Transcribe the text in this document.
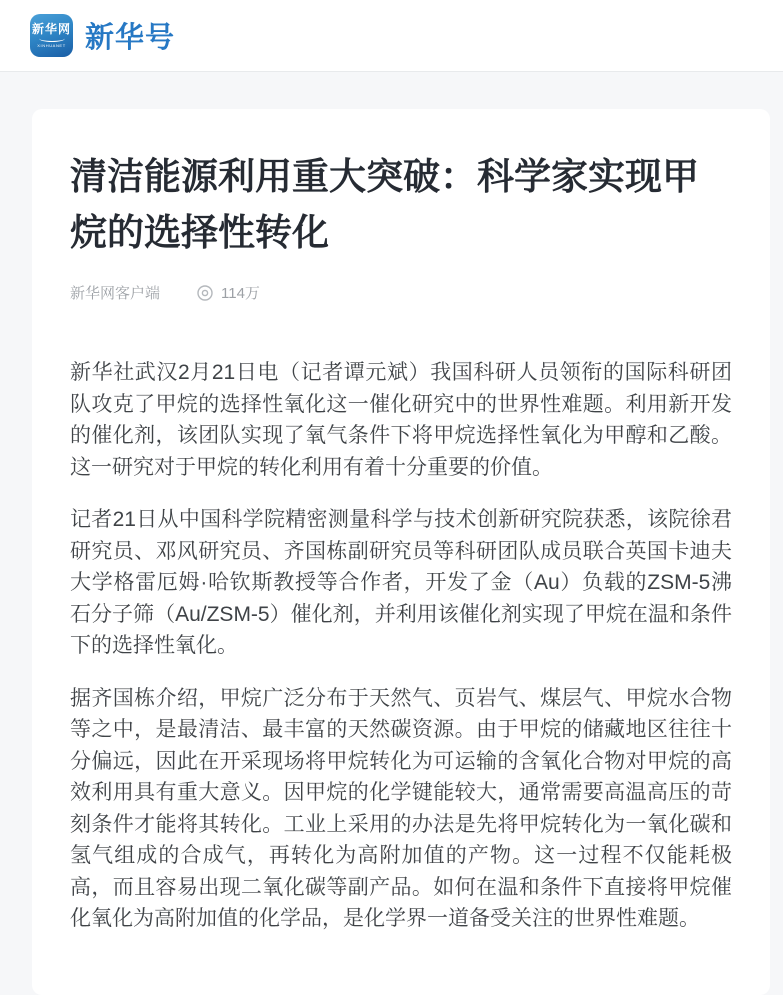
新华网
XINHUANET 新华号
清洁能源利用重大突破：科学家实现甲烷的选择性转化
新华网客户端	114万

新华社武汉2月21日电（记者谭元斌）我国科研人员领衔的国际科研团队攻克了甲烷的选择性氧化这一催化研究中的世界性难题。利用新开发的催化剂，该团队实现了氧气条件下将甲烷选择性氧化为甲醇和乙酸。这一研究对于甲烷的转化利用有着十分重要的价值。

记者21日从中国科学院精密测量科学与技术创新研究院获悉，该院徐君研究员、邓风研究员、齐国栋副研究员等科研团队成员联合英国卡迪夫大学格雷厄姆·哈钦斯教授等合作者，开发了金（Au）负载的ZSM-5沸石分子筛（Au/ZSM-5）催化剂，并利用该催化剂实现了甲烷在温和条件下的选择性氧化。

据齐国栋介绍，甲烷广泛分布于天然气、页岩气、煤层气、甲烷水合物等之中，是最清洁、最丰富的天然碳资源。由于甲烷的储藏地区往往十分偏远，因此在开采现场将甲烷转化为可运输的含氧化合物对甲烷的高效利用具有重大意义。因甲烷的化学键能较大，通常需要高温高压的苛刻条件才能将其转化。工业上采用的办法是先将甲烷转化为一氧化碳和氢气组成的合成气，再转化为高附加值的产物。这一过程不仅能耗极高，而且容易出现二氧化碳等副产品。如何在温和条件下直接将甲烷催化氧化为高附加值的化学品，是化学界一道备受关注的世界性难题。
